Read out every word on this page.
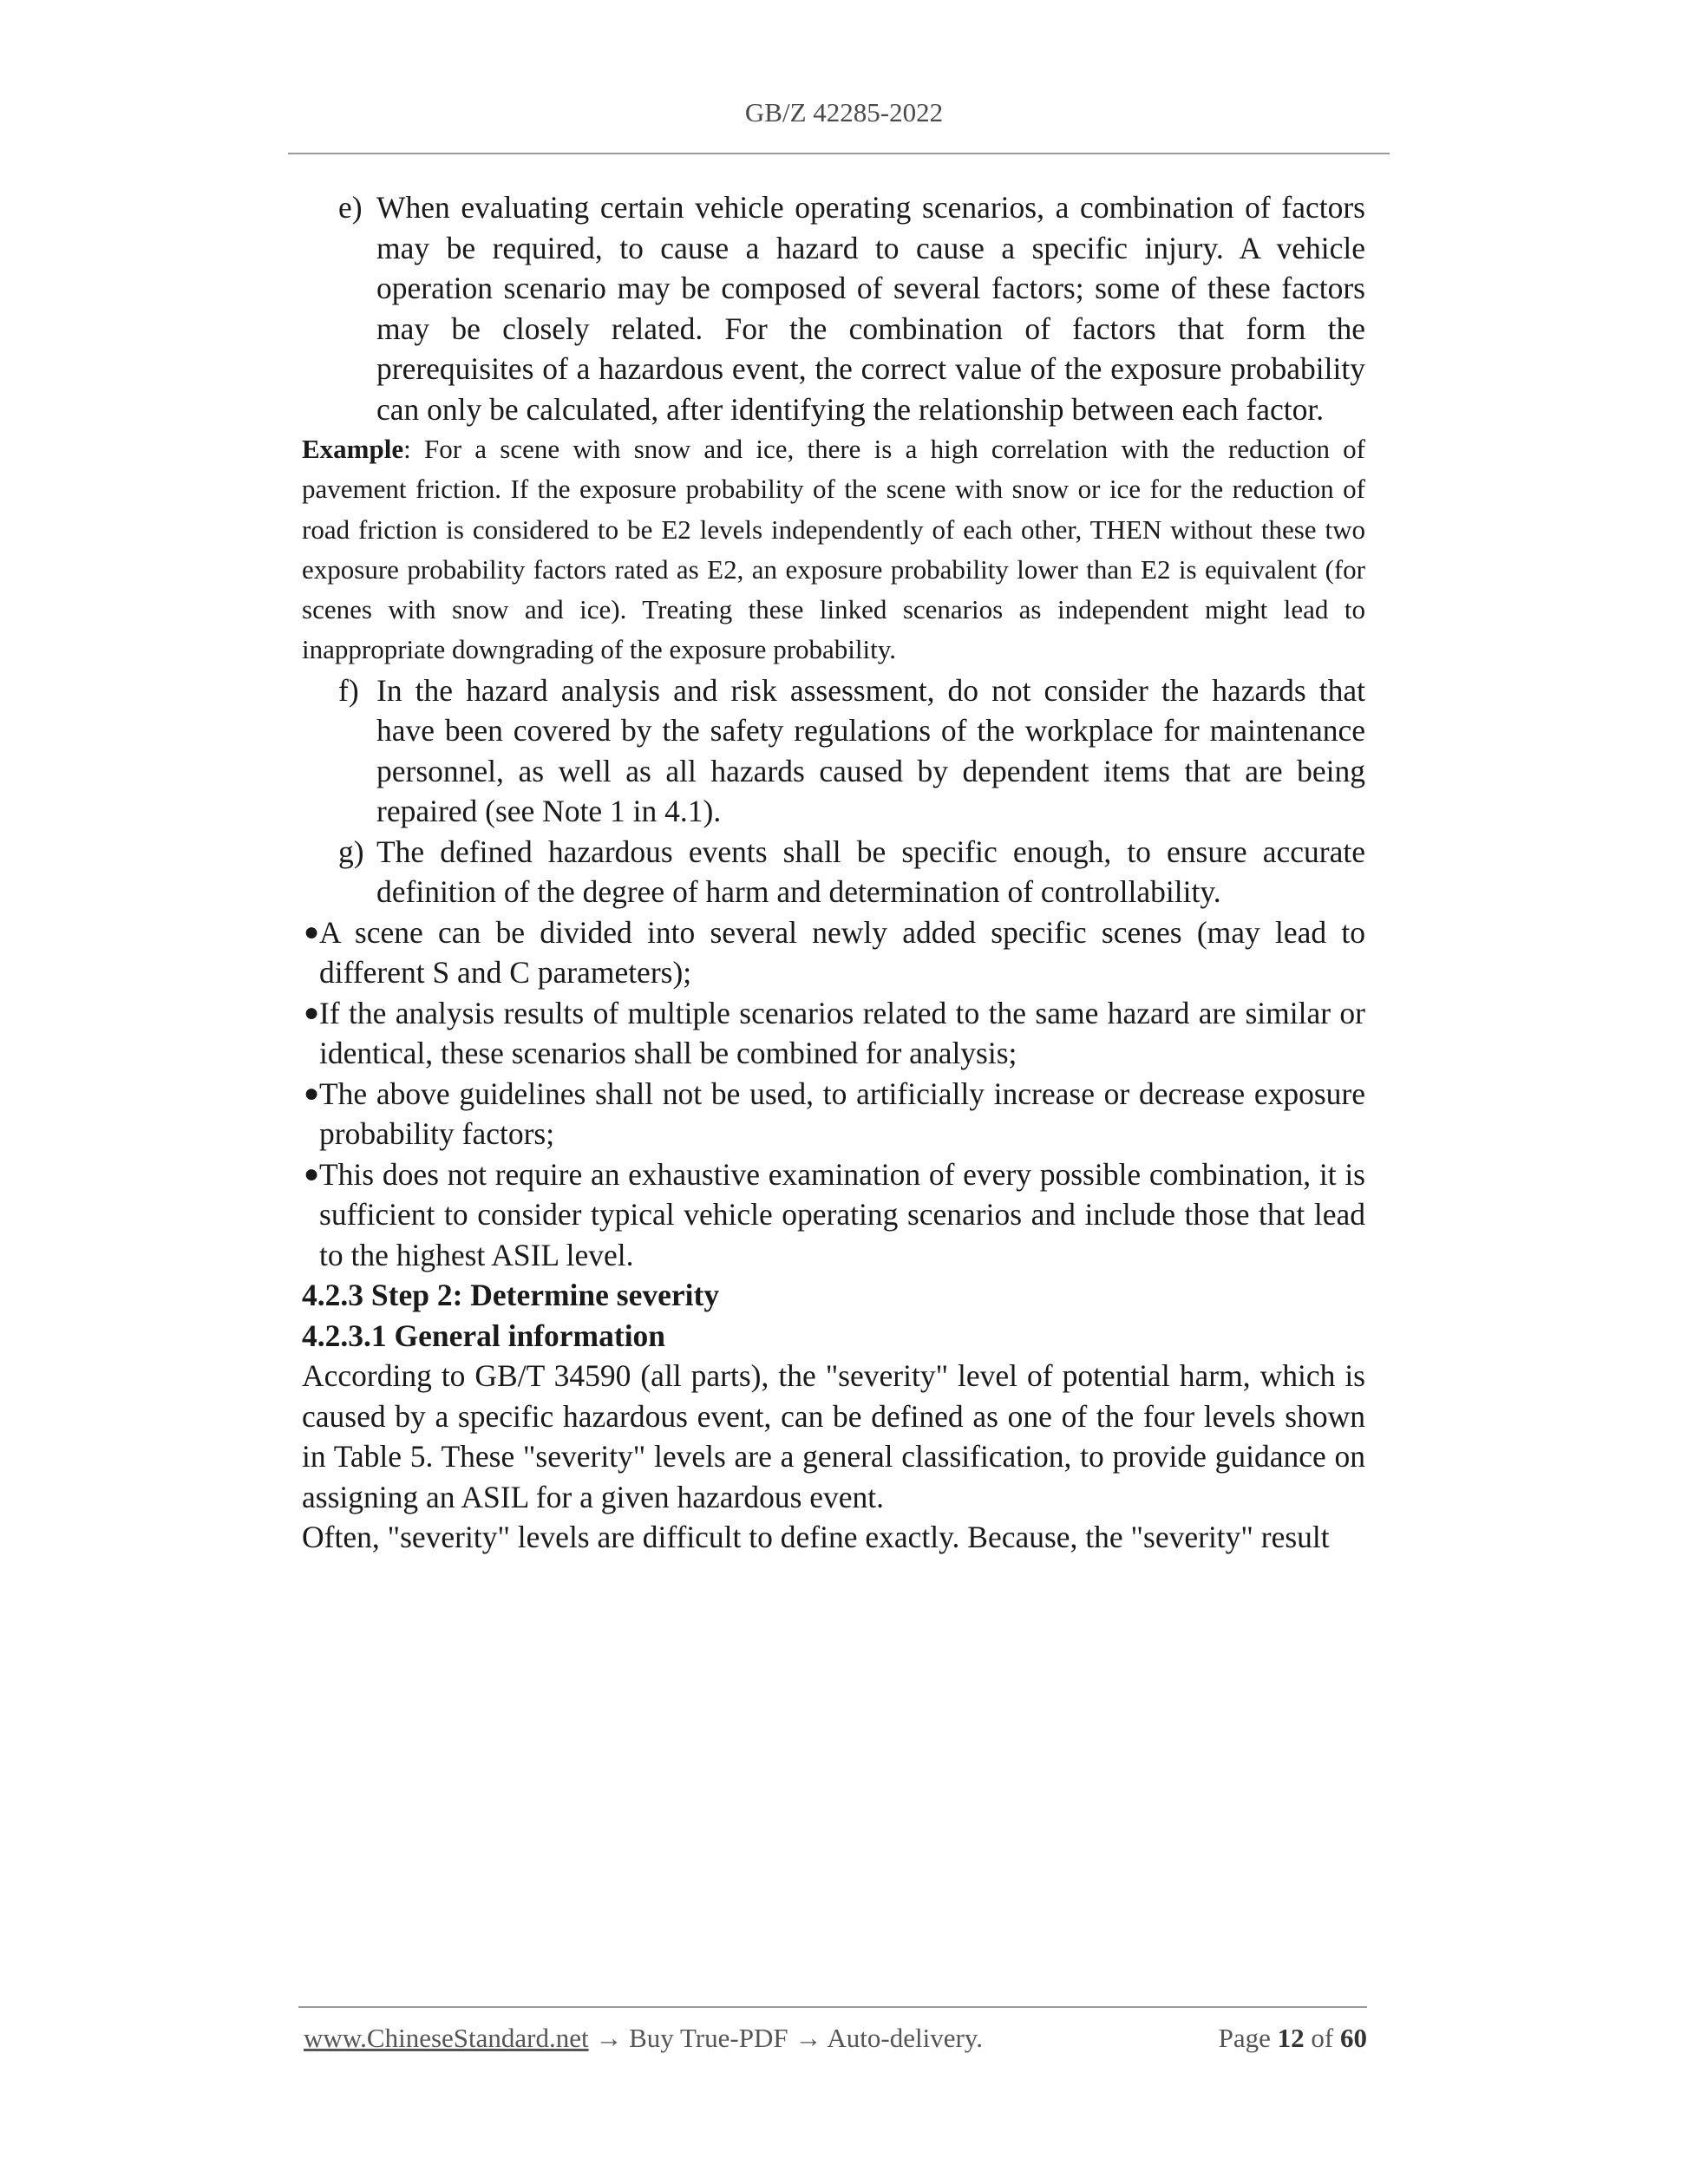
GB/Z 42285-2022

e) When evaluating certain vehicle operating scenarios, a combination of factors may be required, to cause a hazard to cause a specific injury. A vehicle operation scenario may be composed of several factors; some of these factors may be closely related. For the combination of factors that form the prerequisites of a hazardous event, the correct value of the exposure probability can only be calculated, after identifying the relationship between each factor.

Example: For a scene with snow and ice, there is a high correlation with the reduction of pavement friction. If the exposure probability of the scene with snow or ice for the reduction of road friction is considered to be E2 levels independently of each other, THEN without these two exposure probability factors rated as E2, an exposure probability lower than E2 is equivalent (for scenes with snow and ice). Treating these linked scenarios as independent might lead to inappropriate downgrading of the exposure probability.

f) In the hazard analysis and risk assessment, do not consider the hazards that have been covered by the safety regulations of the workplace for maintenance personnel, as well as all hazards caused by dependent items that are being repaired (see Note 1 in 4.1).

g) The defined hazardous events shall be specific enough, to ensure accurate definition of the degree of harm and determination of controllability.

● A scene can be divided into several newly added specific scenes (may lead to different S and C parameters);

● If the analysis results of multiple scenarios related to the same hazard are similar or identical, these scenarios shall be combined for analysis;

● The above guidelines shall not be used, to artificially increase or decrease exposure probability factors;

● This does not require an exhaustive examination of every possible combination, it is sufficient to consider typical vehicle operating scenarios and include those that lead to the highest ASIL level.

4.2.3 Step 2: Determine severity

4.2.3.1 General information

According to GB/T 34590 (all parts), the "severity" level of potential harm, which is caused by a specific hazardous event, can be defined as one of the four levels shown in Table 5. These "severity" levels are a general classification, to provide guidance on assigning an ASIL for a given hazardous event.

Often, "severity" levels are difficult to define exactly. Because, the "severity" result

www.ChineseStandard.net → Buy True-PDF → Auto-delivery.	Page 12 of 60
